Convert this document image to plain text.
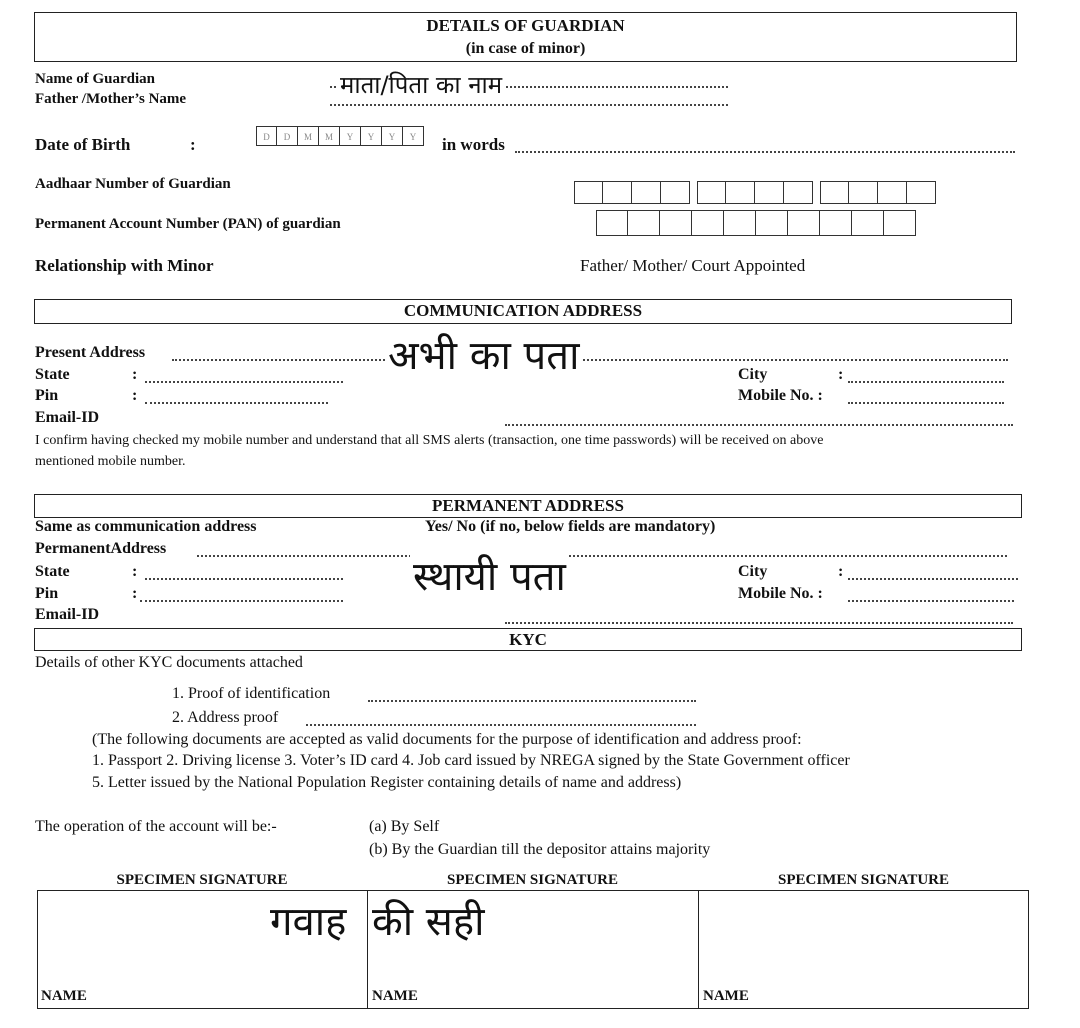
DETAILS OF GUARDIAN
(in case of minor)
Name of Guardian
Father /Mother’s Name	माता/पिता का नाम
Date of Birth	:	D	D	M	M	Y	Y	Y	Y	in words
Aadhaar Number of Guardian
Permanent Account Number (PAN) of guardian
Relationship with Minor	Father/ Mother/ Court Appointed
COMMUNICATION ADDRESS
Present Address	अभी का पता
State	:	City	:
Pin	:	Mobile No. :
Email-ID
I confirm having checked my mobile number and understand that all SMS alerts (transaction, one time passwords) will be received on above
mentioned mobile number.
PERMANENT ADDRESS
Same as communication address	Yes/ No (if no, below fields are mandatory)
PermanentAddress
स्थायी पता
State	:	City	:
Pin	:	Mobile No. :
Email-ID
KYC
Details of other KYC documents attached
1. Proof of identification
2. Address proof
(The following documents are accepted as valid documents for the purpose of identification and address proof:
1. Passport 2. Driving license 3. Voter’s ID card 4. Job card issued by NREGA signed by the State Government officer
5. Letter issued by the National Population Register containing details of name and address)
The operation of the account will be:-	(a) By Self
(b) By the Guardian till the depositor attains majority
SPECIMEN SIGNATURE	SPECIMEN SIGNATURE	SPECIMEN SIGNATURE
गवाह की सही
NAME	NAME	NAME
